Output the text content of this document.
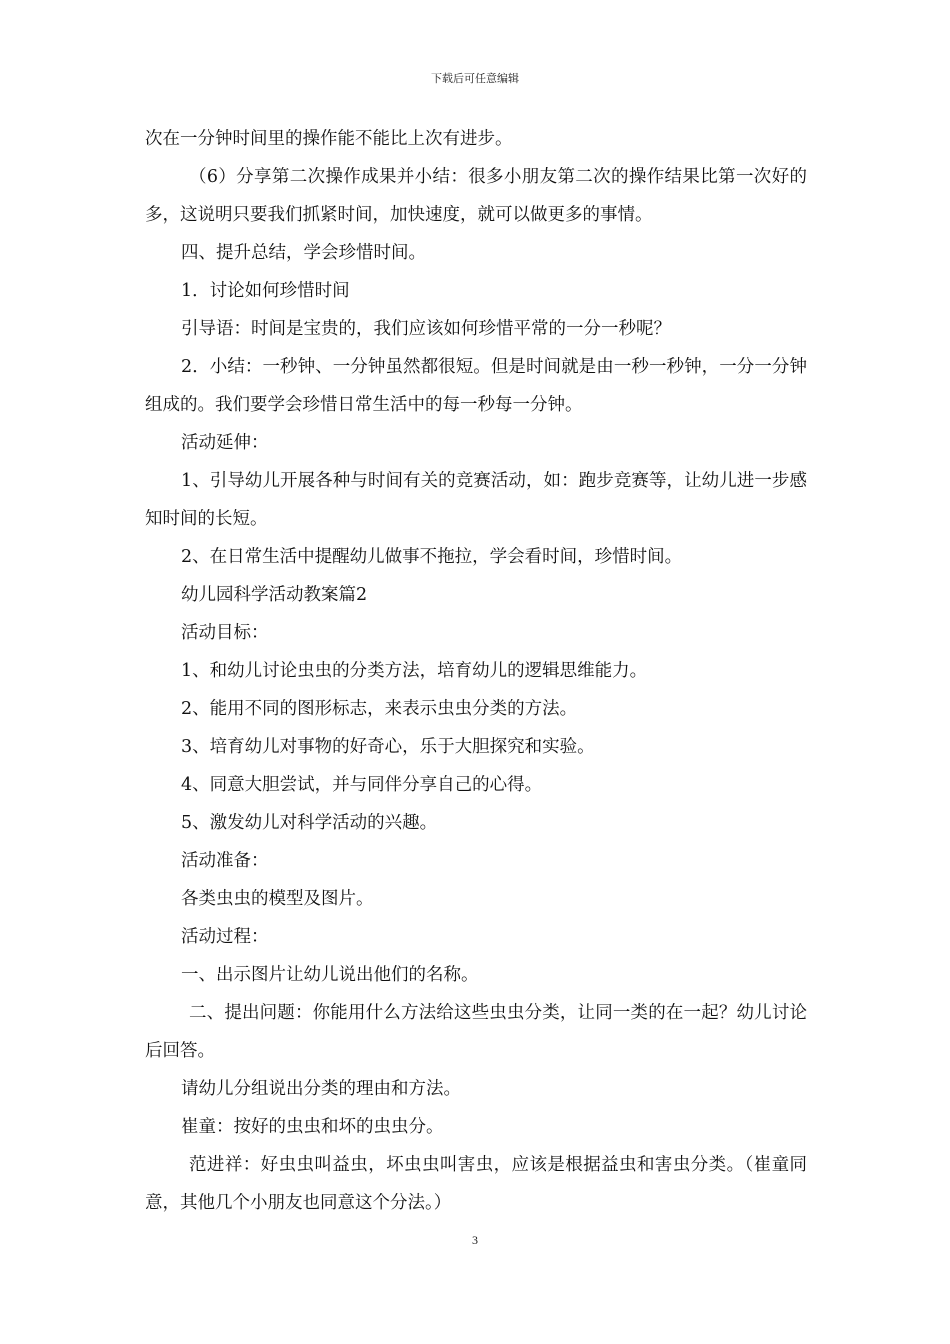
下载后可任意编辑

次在一分钟时间里的操作能不能比上次有进步。

（6）分享第二次操作成果并小结：很多小朋友第二次的操作结果比第一次好的多，这说明只要我们抓紧时间，加快速度，就可以做更多的事情。

四、提升总结，学会珍惜时间。

1．讨论如何珍惜时间

引导语：时间是宝贵的，我们应该如何珍惜平常的一分一秒呢？

2．小结：一秒钟、一分钟虽然都很短。但是时间就是由一秒一秒钟，一分一分钟组成的。我们要学会珍惜日常生活中的每一秒每一分钟。

活动延伸：

1、引导幼儿开展各种与时间有关的竞赛活动，如：跑步竞赛等，让幼儿进一步感知时间的长短。

2、在日常生活中提醒幼儿做事不拖拉，学会看时间，珍惜时间。

幼儿园科学活动教案篇2

活动目标：

1、和幼儿讨论虫虫的分类方法，培育幼儿的逻辑思维能力。

2、能用不同的图形标志，来表示虫虫分类的方法。

3、培育幼儿对事物的好奇心，乐于大胆探究和实验。

4、同意大胆尝试，并与同伴分享自己的心得。

5、激发幼儿对科学活动的兴趣。

活动准备：

各类虫虫的模型及图片。

活动过程：

一、出示图片让幼儿说出他们的名称。

二、提出问题：你能用什么方法给这些虫虫分类，让同一类的在一起？幼儿讨论后回答。

请幼儿分组说出分类的理由和方法。

崔童：按好的虫虫和坏的虫虫分。

范进祥：好虫虫叫益虫，坏虫虫叫害虫，应该是根据益虫和害虫分类。（崔童同意，其他几个小朋友也同意这个分法。）

3
